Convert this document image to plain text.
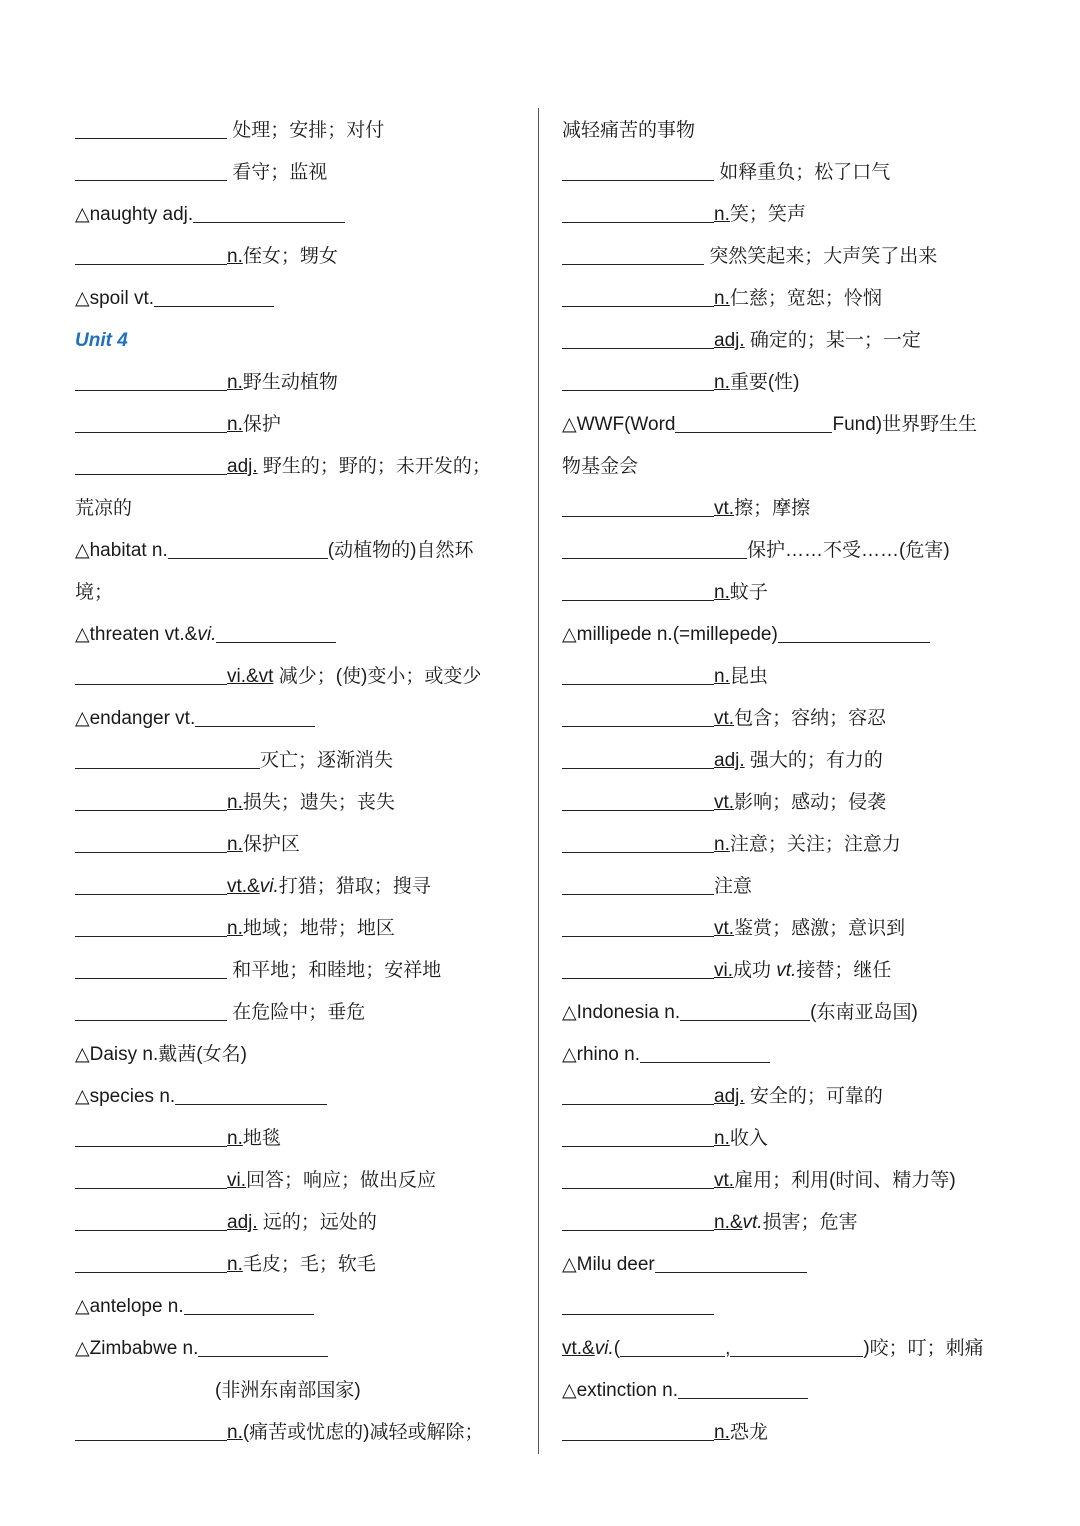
处理；安排；对付
看守；监视
△naughty adj.
n.侄女；甥女
△spoil vt.
Unit 4
n.野生动植物
n.保护
adj. 野生的；野的；未开发的；
荒凉的
△habitat n.	(动植物的)自然环
境；
△threaten vt.&vi.
vi.&vt 减少；(使)变小；或变少
△endanger vt.
灭亡；逐渐消失
n.损失；遗失；丧失
n.保护区
vt.&vi.打猎；猎取；搜寻
n.地域；地带；地区
和平地；和睦地；安祥地
在危险中；垂危
△Daisy n.戴茜(女名)
△species n.
n.地毯
vi.回答；响应；做出反应
adj. 远的；远处的
n.毛皮；毛；软毛
△antelope n.
△Zimbabwe n.
(非洲东南部国家)
n.(痛苦或忧虑的)减轻或解除；
减轻痛苦的事物
如释重负；松了口气
n.笑；笑声
突然笑起来；大声笑了出来
n.仁慈；宽恕；怜悯
adj. 确定的；某一；一定
n.重要(性)
△WWF(Word	Fund)世界野生生
物基金会
vt.擦；摩擦
保护……不受……(危害)
n.蚊子
△millipede n.(=millepede)
n.昆虫
vt.包含；容纳；容忍
adj. 强大的；有力的
vt.影响；感动；侵袭
n.注意；关注；注意力
注意
vt.鉴赏；感激；意识到
vi.成功 vt.接替；继任
△Indonesia n.	(东南亚岛国)
△rhino n.
adj. 安全的；可靠的
n.收入
vt.雇用；利用(时间、精力等)
n.&vt.损害；危害
△Milu deer
vt.&vi.(	,	)咬；叮；刺痛
△extinction n.
n.恐龙
